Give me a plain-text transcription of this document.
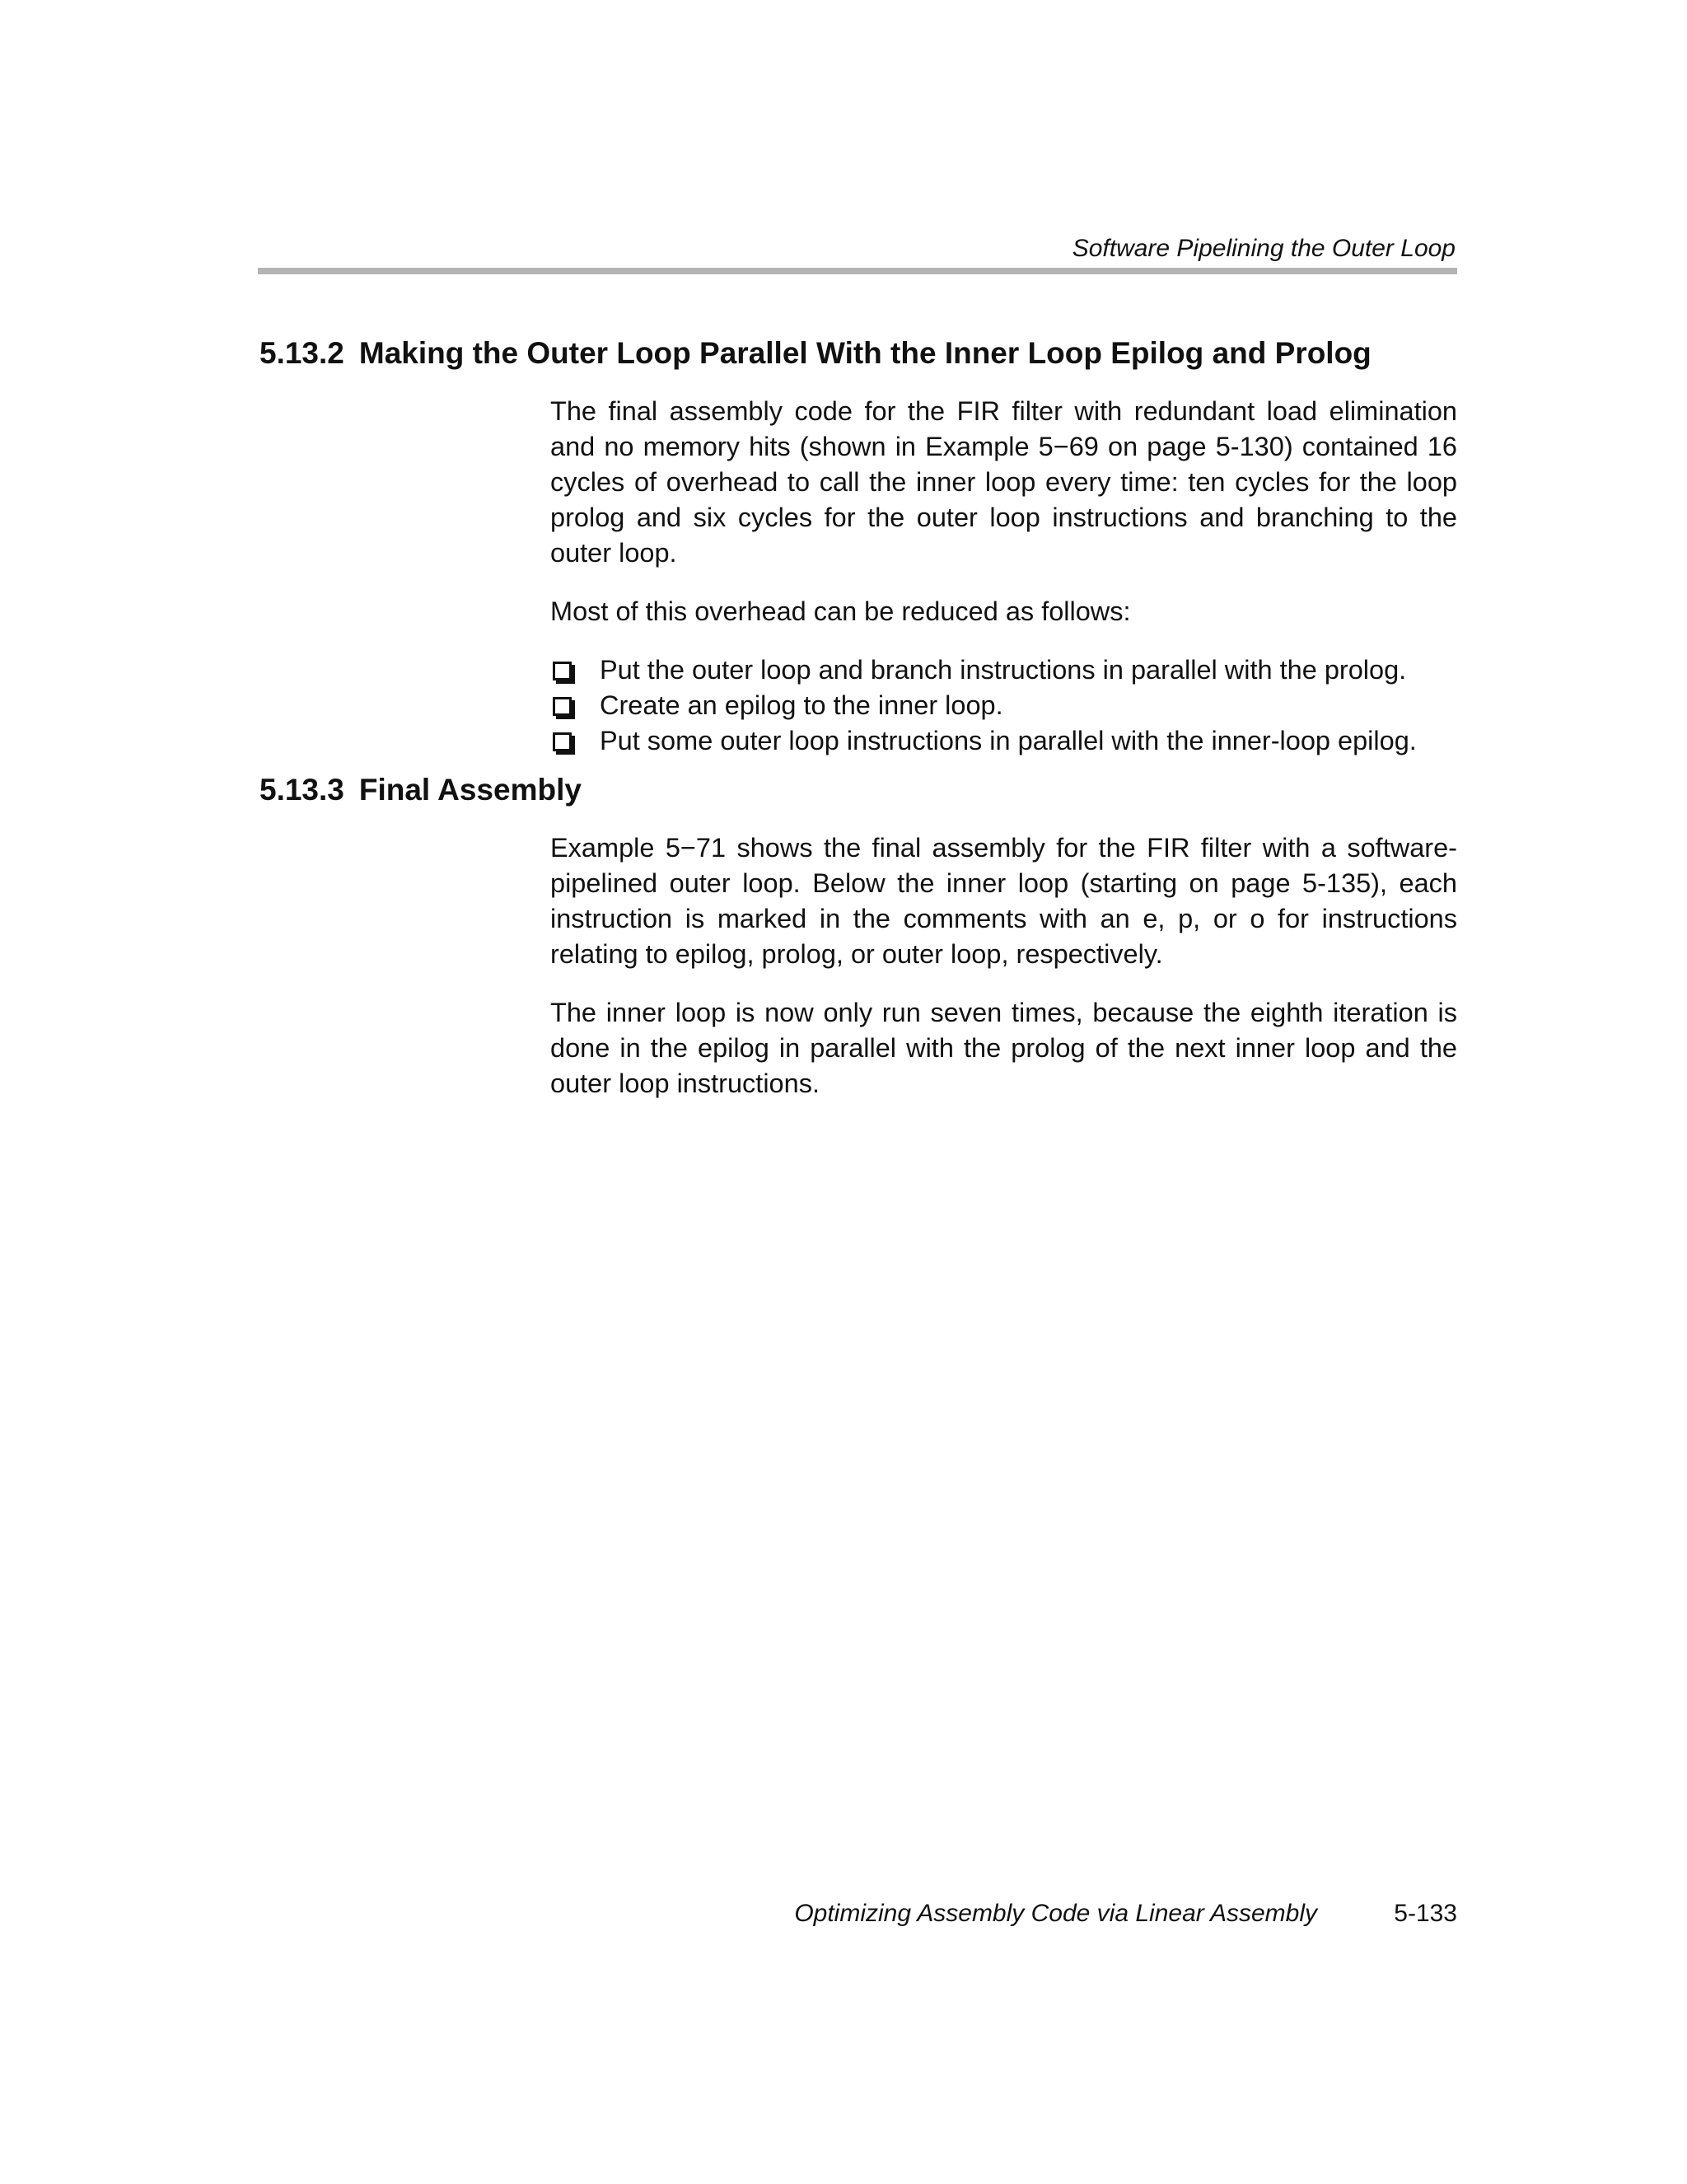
Software Pipelining the Outer Loop
5.13.2 Making the Outer Loop Parallel With the Inner Loop Epilog and Prolog

The final assembly code for the FIR filter with redundant load elimination and no memory hits (shown in Example 5−69 on page 5-130) contained 16 cycles of overhead to call the inner loop every time: ten cycles for the loop prolog and six cycles for the outer loop instructions and branching to the outer loop.

Most of this overhead can be reduced as follows:

Put the outer loop and branch instructions in parallel with the prolog.
Create an epilog to the inner loop.
Put some outer loop instructions in parallel with the inner-loop epilog.
5.13.3 Final Assembly

Example 5−71 shows the final assembly for the FIR filter with a software-pipelined outer loop. Below the inner loop (starting on page 5-135), each instruction is marked in the comments with an e, p, or o for instructions relating to epilog, prolog, or outer loop, respectively.

The inner loop is now only run seven times, because the eighth iteration is done in the epilog in parallel with the prolog of the next inner loop and the outer loop instructions.

Optimizing Assembly Code via Linear Assembly	5-133
